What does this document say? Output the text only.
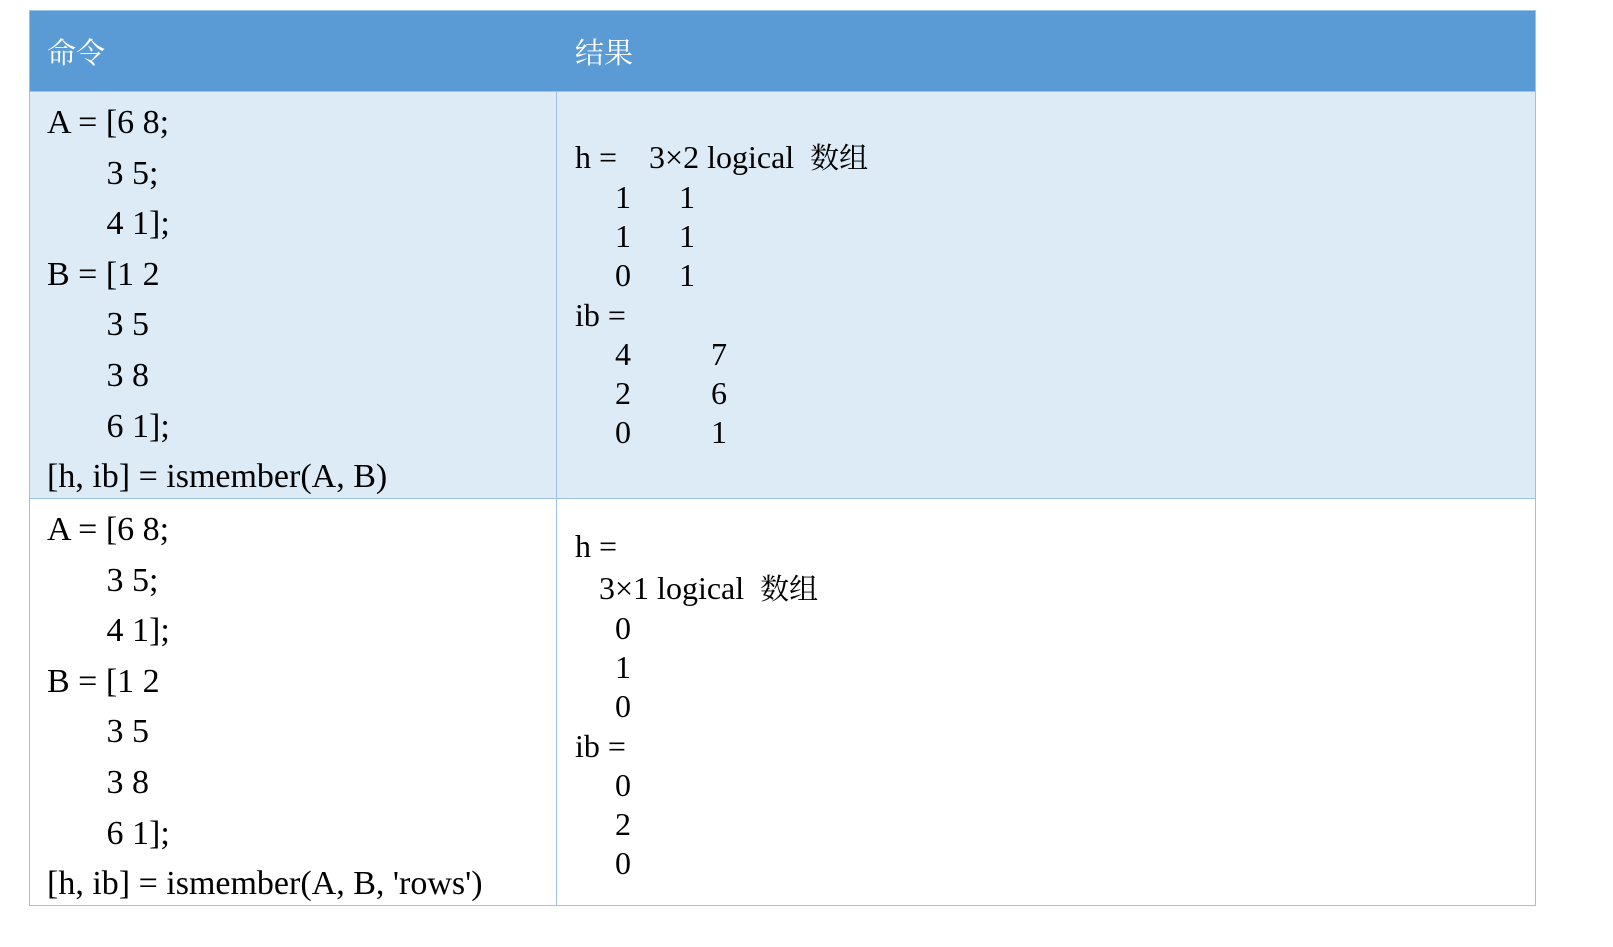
命令	结果
A = [6 8;
3 5;
4 1];
B = [1 2
3 5
3 8
6 1];
[h, ib] = ismember(A, B)
h =    3×2 logical  数组
1      1
1      1
0      1
ib =
4          7
2          6
0          1
A = [6 8;
3 5;
4 1];
B = [1 2
3 5
3 8
6 1];
[h, ib] = ismember(A, B, 'rows')
h =
3×1 logical  数组
0
1
0
ib =
0
2
0
